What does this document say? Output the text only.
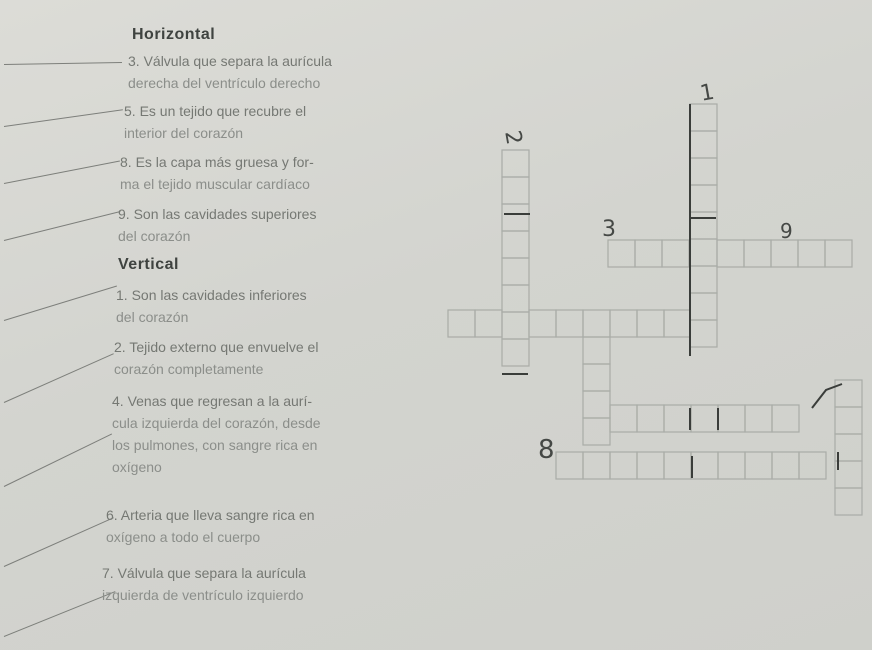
Horizontal
Vertical
3. Válvula que separa la aurícula
derecha del ventrículo derecho
5. Es un tejido que recubre el
interior del corazón
8. Es la capa más gruesa y for-
ma el tejido muscular cardíaco
9. Son las cavidades superiores
del corazón
1. Son las cavidades inferiores
del corazón
2. Tejido externo que envuelve el
corazón completamente
4. Venas que regresan a la aurí-
cula izquierda del corazón, desde
los pulmones, con sangre rica en
oxígeno
6. Arteria que lleva sangre rica en
oxígeno a todo el cuerpo
7. Válvula que separa la aurícula
izquierda de ventrículo izquierdo
1
2
3
8
9
